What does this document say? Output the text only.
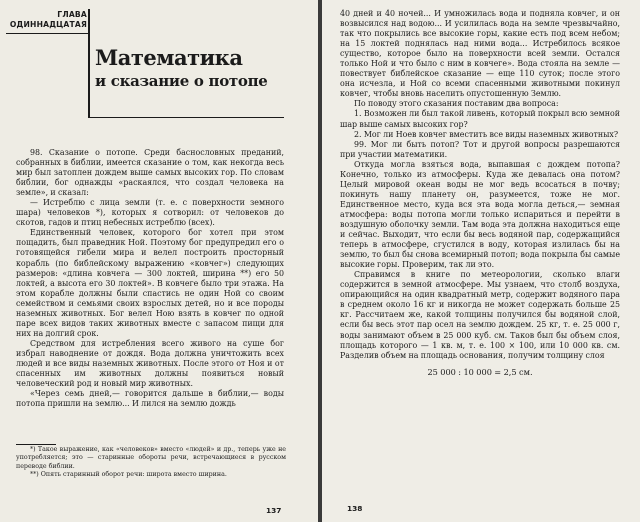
ГЛАВА
ОДИННАДЦАТАЯ
Математика
и сказание о потопе

98. Сказание о потопе. Среди баснословных преданий, собранных в библии, имеется сказание о том, как некогда весь мир был затоплен дождем выше самых высоких гор. По словам библии, бог однажды «раскаялся, что создал человека на земле», и сказал:

— Истреблю с лица земли (т. е. с поверхности земного шара) человеков *), которых я сотворил: от человеков до скотов, гадов и птиц небесных истреблю (всех).

Единственный человек, которого бог хотел при этом пощадить, был праведник Ной. Поэтому бог предупредил его о готовящейся гибели мира и велел построить просторный корабль (по библейскому выражению «ковчег») следующих размеров: «длина ковчега — 300 локтей, ширина **) его 50 локтей, а высота его 30 локтей». В ковчеге было три этажа. На этом корабле должны были спастись не один Ной со своим семейством и семьями своих взрослых детей, но и все породы наземных животных. Бог велел Ною взять в ковчег по одной паре всех видов таких животных вместе с запасом пищи для них на долгий срок.

Средством для истребления всего живого на суше бог избрал наводнение от дождя. Вода должна уничтожить всех людей и все виды наземных животных. После этого от Ноя и от спасенных им животных должны появиться новый человеческий род и новый мир животных.

«Через семь дней,— говорится дальше в библии,— воды потопа пришли на землю... И лился на землю дождь

*) Такое выражение, как «человеков» вместо «людей» и др., теперь уже не употребляется; это — старинные обороты речи, встречающиеся в русском переводе библии.

**) Опять старинный оборот речи: широта вместо ширина.

137

40 дней и 40 ночей... И умножилась вода и подняла ковчег, и он возвысился над водою... И усилилась вода на земле чрезвычайно, так что покрылись все высокие горы, какие есть под всем небом; на 15 локтей поднялась над ними вода... Истребилось всякое существо, которое было на поверхности всей земли. Остался только Ной и что было с ним в ковчеге». Вода стояла на земле — повествует библейское сказание — еще 110 суток; после этого она исчезла, и Ной со всеми спасенными животными покинул ковчег, чтобы вновь населить опустошенную Землю.

По поводу этого сказания поставим два вопроса:

1. Возможен ли был такой ливень, который покрыл всю земной шар выше самых высоких гор?

2. Мог ли Ноев ковчег вместить все виды наземных животных?

99. Мог ли быть потоп? Тот и другой вопросы разрешаются при участии математики.

Откуда могла взяться вода, выпавшая с дождем потопа? Конечно, только из атмосферы. Куда же девалась она потом? Целый мировой океан воды не мог ведь всосаться в почву; покинуть нашу планету он, разумеется, тоже не мог. Единственное место, куда вся эта вода могла деться,— земная атмосфера: воды потопа могли только испариться и перейти в воздушную оболочку земли. Там вода эта должна находиться еще и сейчас. Выходит, что если бы весь водяной пар, содержащийся теперь в атмосфере, сгустился в воду, которая излилась бы на землю, то был бы снова всемирный потоп; вода покрыла бы самые высокие горы. Проверим, так ли это.

Справимся в книге по метеорологии, сколько влаги содержится в земной атмосфере. Мы узнаем, что столб воздуха, опирающийся на один квадратный метр, содержит водяного пара в среднем около 16 кг и никогда не может содержать больше 25 кг. Рассчитаем же, какой толщины получился бы водяной слой, если бы весь этот пар осел на землю дождем. 25 кг, т. е. 25 000 г, воды занимают объем в 25 000 куб. см. Таков был бы объем слоя, площадь которого — 1 кв. м, т. е. 100 × 100, или 10 000 кв. см. Разделив объем на площадь основания, получим толщину слоя

25 000 : 10 000 = 2,5 см.
138
